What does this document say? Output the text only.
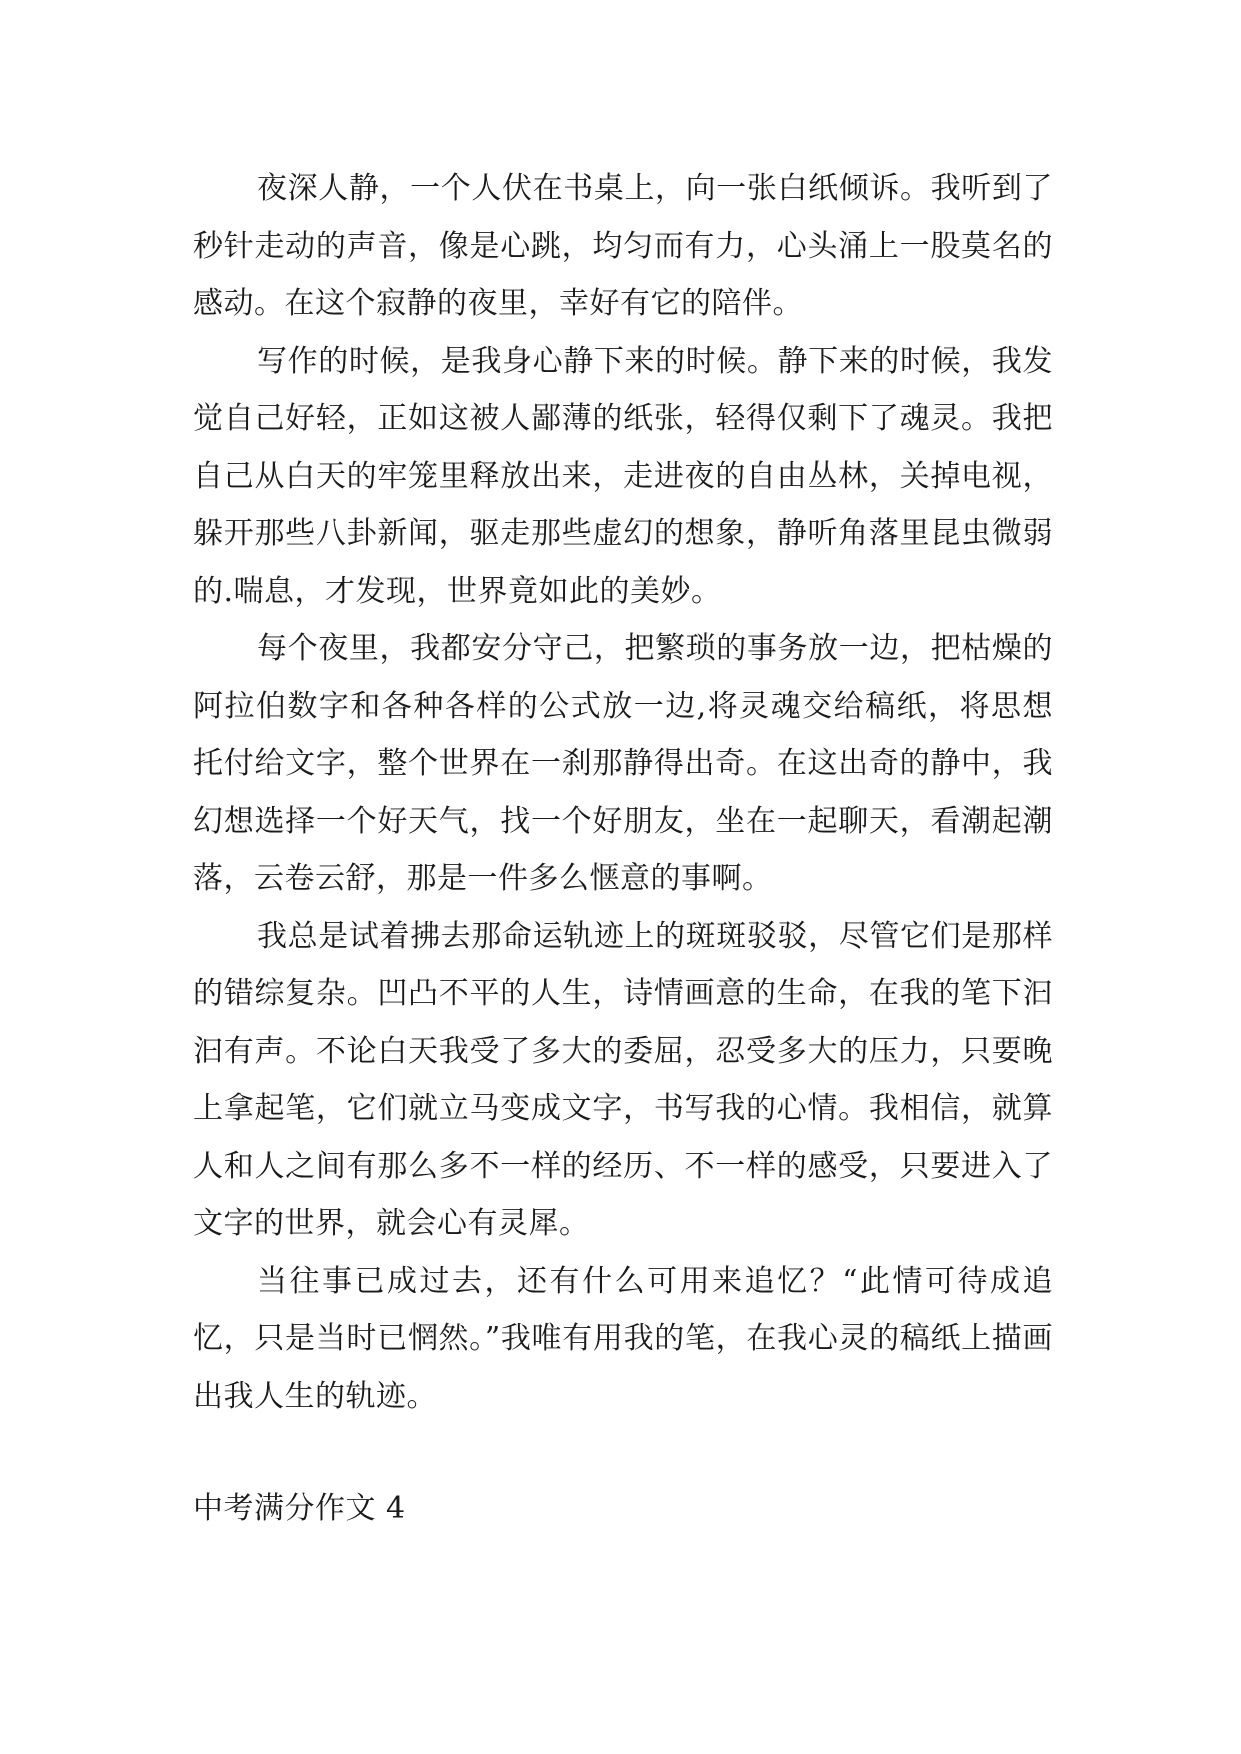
夜深人静，一个人伏在书桌上，向一张白纸倾诉。我听到了秒针走动的声音，像是心跳，均匀而有力，心头涌上一股莫名的感动。在这个寂静的夜里，幸好有它的陪伴。

写作的时候，是我身心静下来的时候。静下来的时候，我发觉自己好轻，正如这被人鄙薄的纸张，轻得仅剩下了魂灵。我把自己从白天的牢笼里释放出来，走进夜的自由丛林，关掉电视，躲开那些八卦新闻，驱走那些虚幻的想象，静听角落里昆虫微弱的.喘息，才发现，世界竟如此的美妙。

每个夜里，我都安分守己，把繁琐的事务放一边，把枯燥的阿拉伯数字和各种各样的公式放一边,将灵魂交给稿纸，将思想托付给文字，整个世界在一刹那静得出奇。在这出奇的静中，我幻想选择一个好天气，找一个好朋友，坐在一起聊天，看潮起潮落，云卷云舒，那是一件多么惬意的事啊。

我总是试着拂去那命运轨迹上的斑斑驳驳，尽管它们是那样的错综复杂。凹凸不平的人生，诗情画意的生命，在我的笔下汩汩有声。不论白天我受了多大的委屈，忍受多大的压力，只要晚上拿起笔，它们就立马变成文字，书写我的心情。我相信，就算人和人之间有那么多不一样的经历、不一样的感受，只要进入了文字的世界，就会心有灵犀。

当往事已成过去，还有什么可用来追忆？“此情可待成追忆，只是当时已惘然。”我唯有用我的笔，在我心灵的稿纸上描画出我人生的轨迹。

中考满分作文 4
